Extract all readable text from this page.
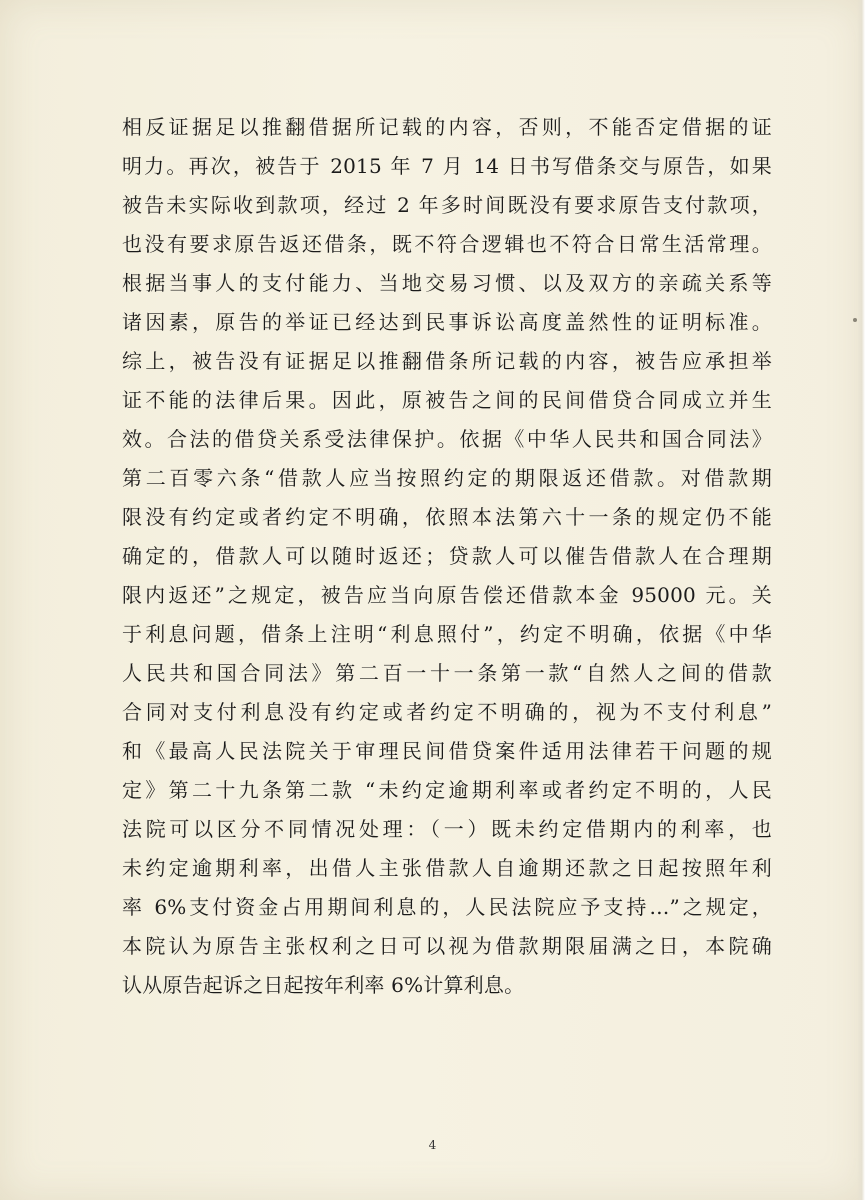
相反证据足以推翻借据所记载的内容，否则，不能否定借据的证
明力。再次，被告于 2015 年 7 月 14 日书写借条交与原告，如果
被告未实际收到款项，经过 2 年多时间既没有要求原告支付款项，
也没有要求原告返还借条，既不符合逻辑也不符合日常生活常理。
根据当事人的支付能力、当地交易习惯、以及双方的亲疏关系等
诸因素，原告的举证已经达到民事诉讼高度盖然性的证明标准。
综上，被告没有证据足以推翻借条所记载的内容，被告应承担举
证不能的法律后果。因此，原被告之间的民间借贷合同成立并生
效。合法的借贷关系受法律保护。依据《中华人民共和国合同法》
第二百零六条“借款人应当按照约定的期限返还借款。对借款期
限没有约定或者约定不明确，依照本法第六十一条的规定仍不能
确定的，借款人可以随时返还；贷款人可以催告借款人在合理期
限内返还”之规定，被告应当向原告偿还借款本金 95000 元。关
于利息问题，借条上注明“利息照付”，约定不明确，依据《中华
人民共和国合同法》第二百一十一条第一款“自然人之间的借款
合同对支付利息没有约定或者约定不明确的，视为不支付利息”
和《最高人民法院关于审理民间借贷案件适用法律若干问题的规
定》第二十九条第二款 “未约定逾期利率或者约定不明的，人民
法院可以区分不同情况处理：（一）既未约定借期内的利率，也
未约定逾期利率，出借人主张借款人自逾期还款之日起按照年利
率 6%支付资金占用期间利息的，人民法院应予支持…”之规定，
本院认为原告主张权利之日可以视为借款期限届满之日，本院确
认从原告起诉之日起按年利率 6%计算利息。
4
